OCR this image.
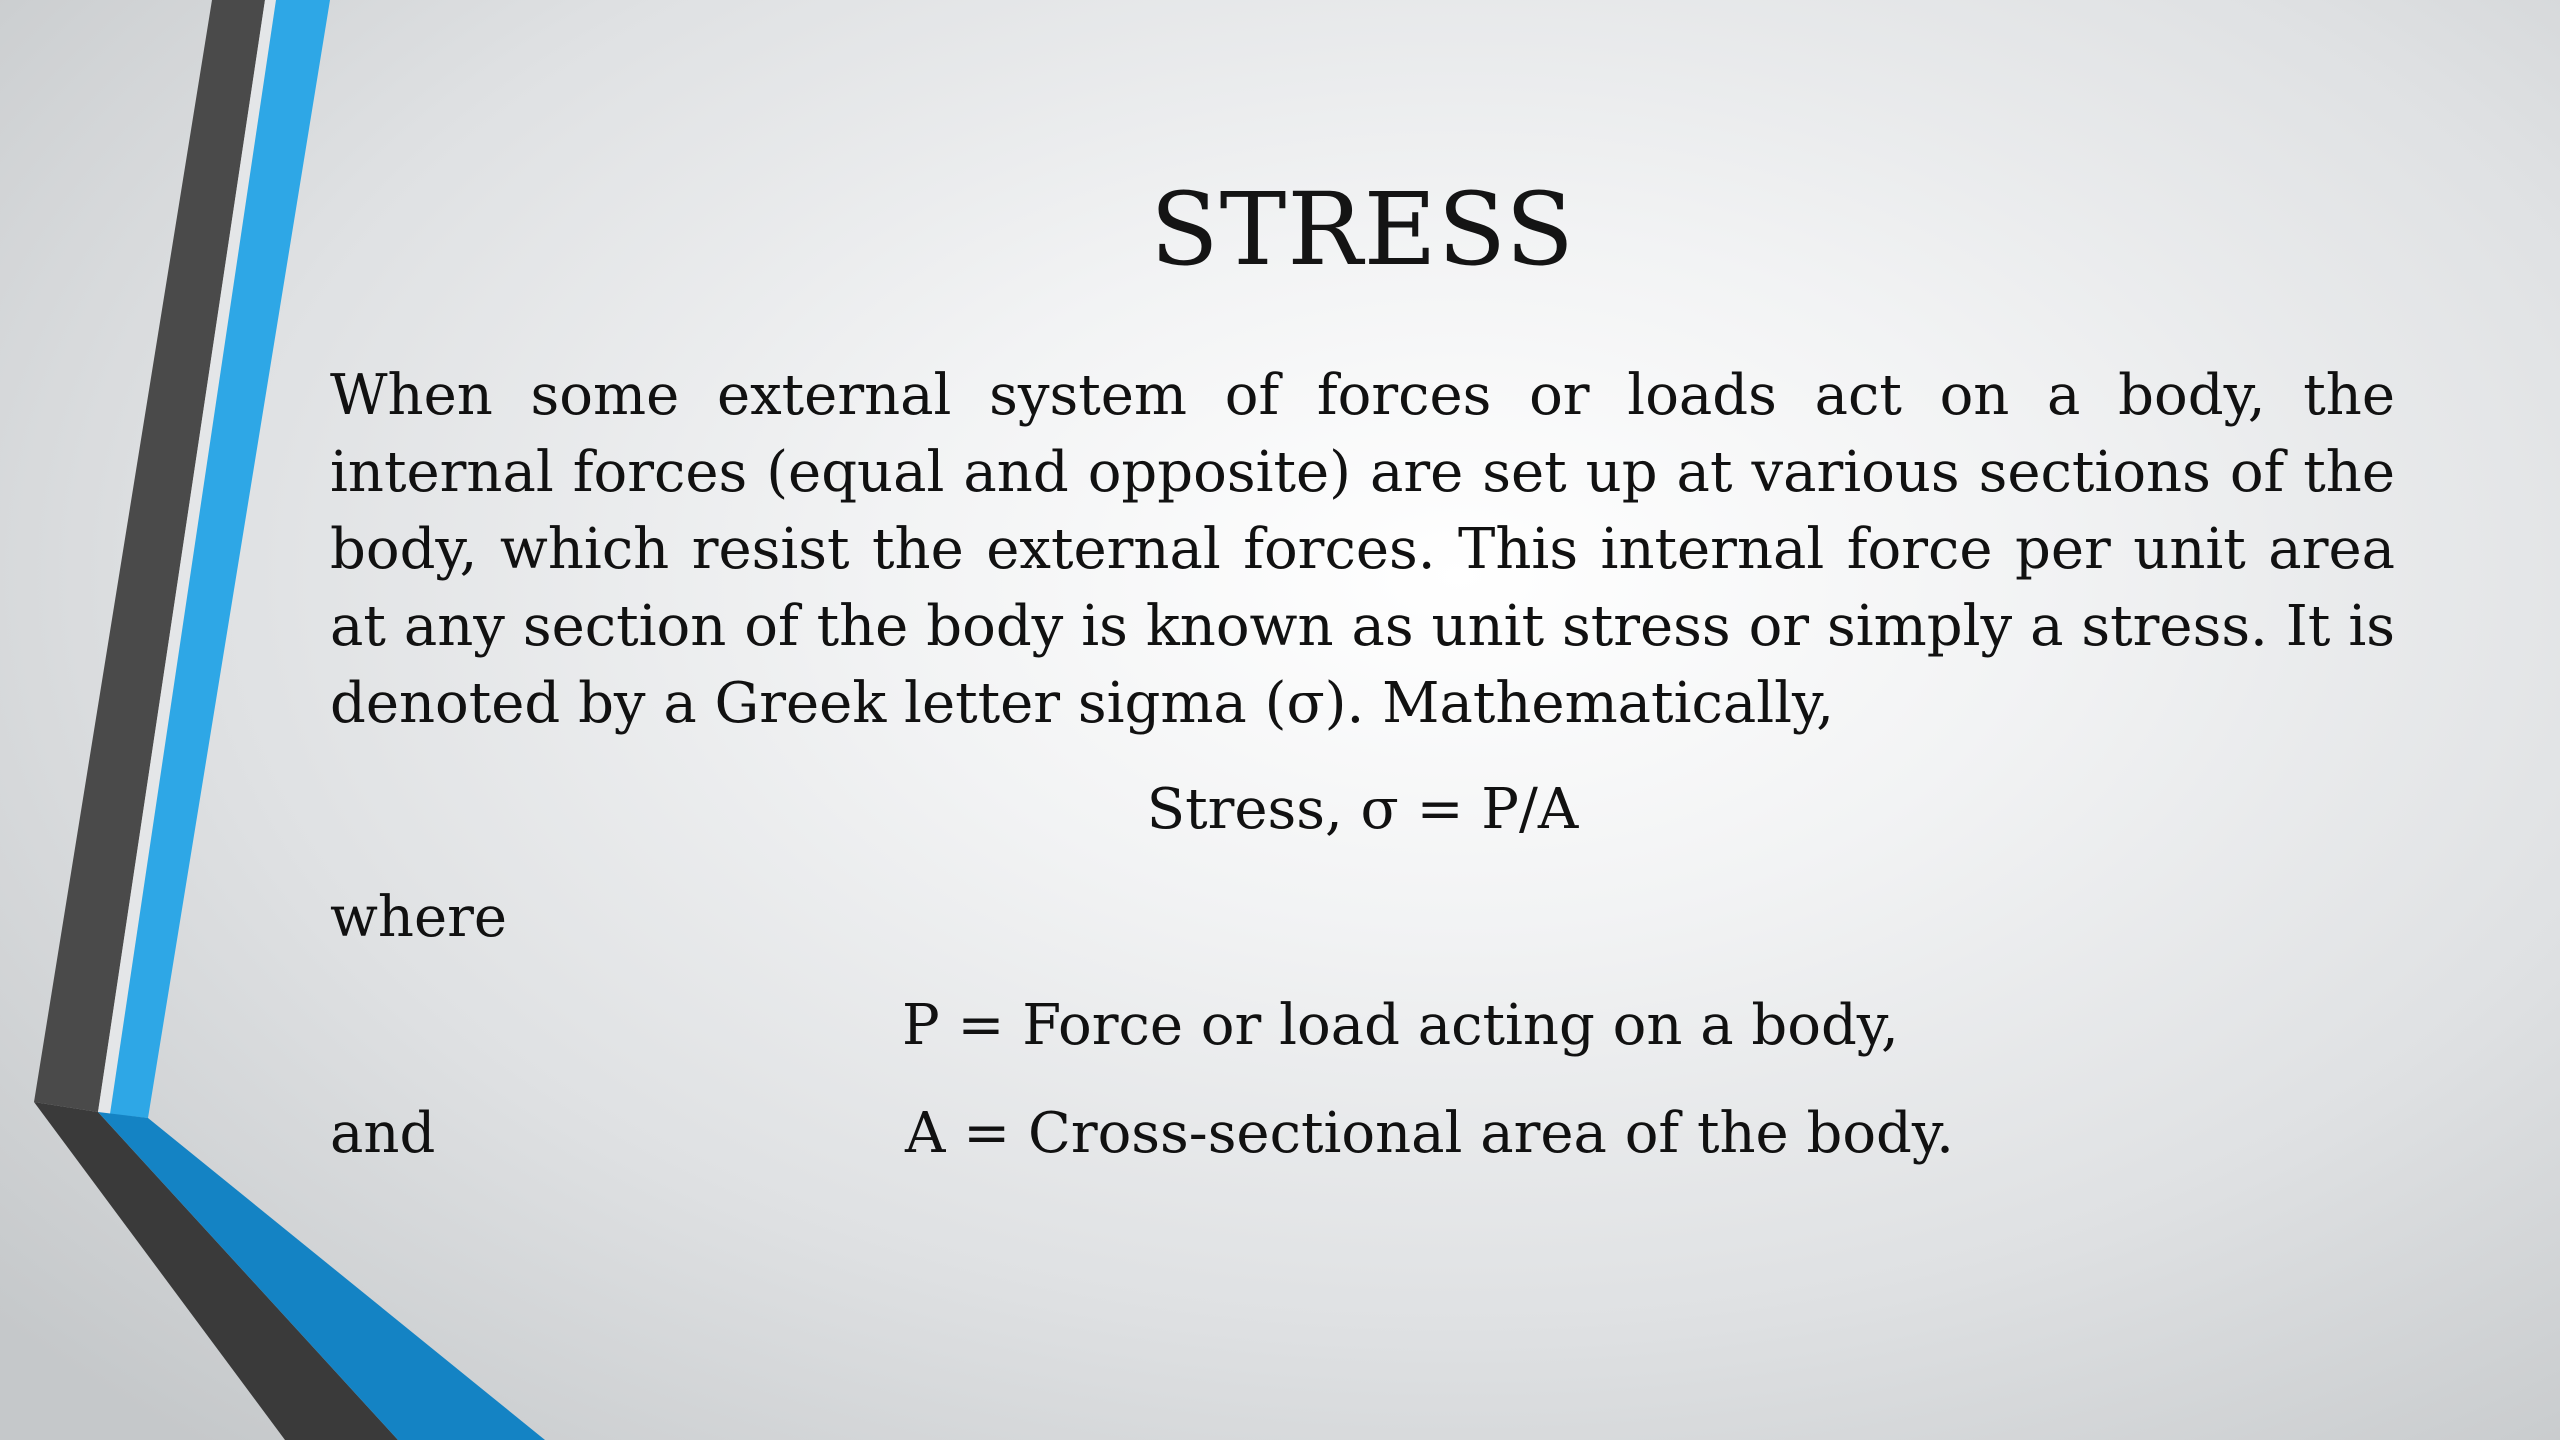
STRESS
When some external system of forces or loads act on a body, the internal forces (equal and opposite) are set up at various sections of the body, which resist the external forces. This internal force per unit area at any section of the body is known as unit stress or simply a stress. It is denoted by a Greek letter sigma (σ). Mathematically,
Stress, σ = P/A
where
P = Force or load acting on a body,
and	A = Cross-sectional area of the body.
